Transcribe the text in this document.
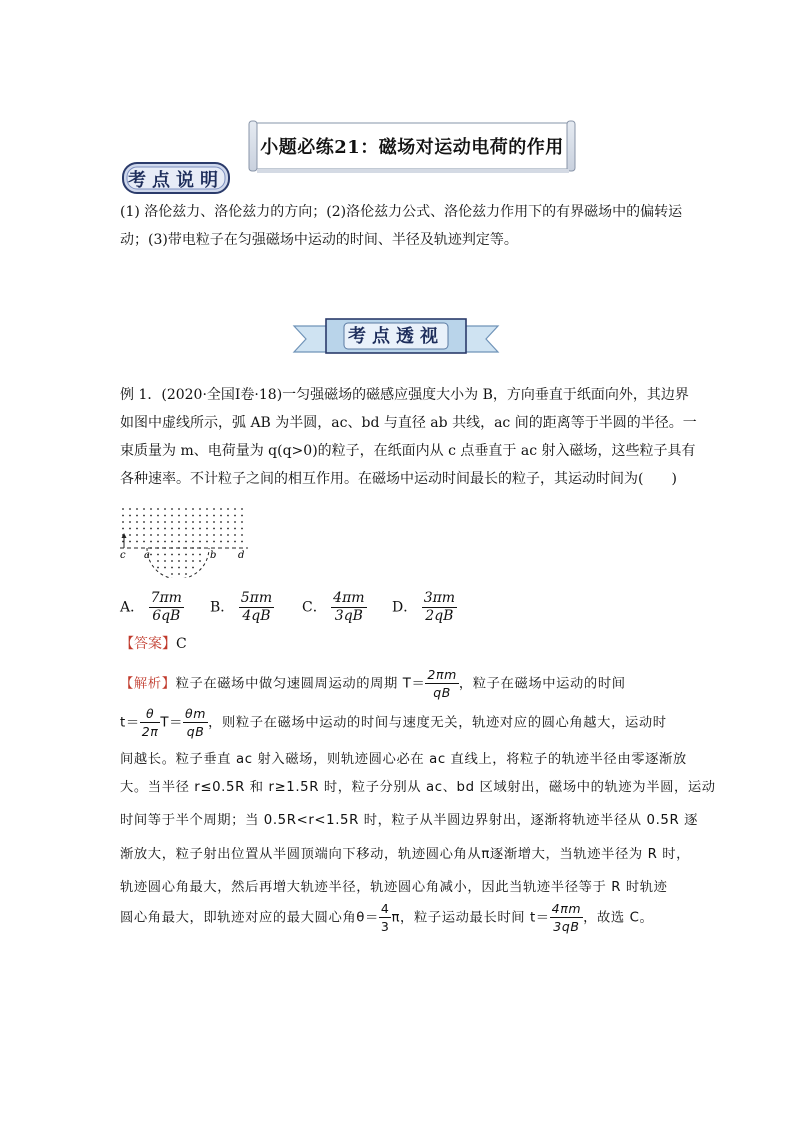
小题必练21：磁场对运动电荷的作用
考点说明
(1) 洛伦兹力、洛伦兹力的方向；(2)洛伦兹力公式、洛伦兹力作用下的有界磁场中的偏转运
动；(3)带电粒子在匀强磁场中运动的时间、半径及轨迹判定等。
考点透视
例 1．(2020·全国Ⅰ卷·18)一匀强磁场的磁感应强度大小为 B，方向垂直于纸面向外，其边界
如图中虚线所示，弧 AB 为半圆，ac、bd 与直径 ab 共线，ac 间的距离等于半圆的半径。一
束质量为 m、电荷量为 q(q>0)的粒子，在纸面内从 c 点垂直于 ac 射入磁场，这些粒子具有
各种速率。不计粒子之间的相互作用。在磁场中运动时间最长的粒子，其运动时间为(　　)
c a	b d
A． $\frac{7\pi m}{6qB}$ B． $\frac{5\pi m}{4qB}$ C． $\frac{4\pi m}{3qB}$ D． $\frac{3\pi m}{2qB}$
【答案】C
【解析】粒子在磁场中做匀速圆周运动的周期 $T= \frac{2\pi m}{qB}$ ，粒子在磁场中运动的时间
$t= \frac{\theta}{2\pi} T= \frac{\theta m}{qB}$ ，则粒子在磁场中运动的时间与速度无关，轨迹对应的圆心角越大，运动时
间越长。粒子垂直 ac 射入磁场，则轨迹圆心必在 ac 直线上，将粒子的轨迹半径由零逐渐放
大。当半径 r≤0.5R 和 r≥1.5R 时，粒子分别从 ac、bd 区域射出，磁场中的轨迹为半圆，运动
时间等于半个周期；当 0.5R<r<1.5R 时，粒子从半圆边界射出，逐渐将轨迹半径从 0.5R 逐
渐放大，粒子射出位置从半圆顶端向下移动，轨迹圆心角从π逐渐增大，当轨迹半径为 R 时，
轨迹圆心角最大，然后再增大轨迹半径，轨迹圆心角减小，因此当轨迹半径等于 R 时轨迹
圆心角最大，即轨迹对应的最大圆心角$\theta= \frac{4}{3}$ π，粒子运动最长时间 $t= \frac{4\pi m}{3qB}$ ，故选 C。
